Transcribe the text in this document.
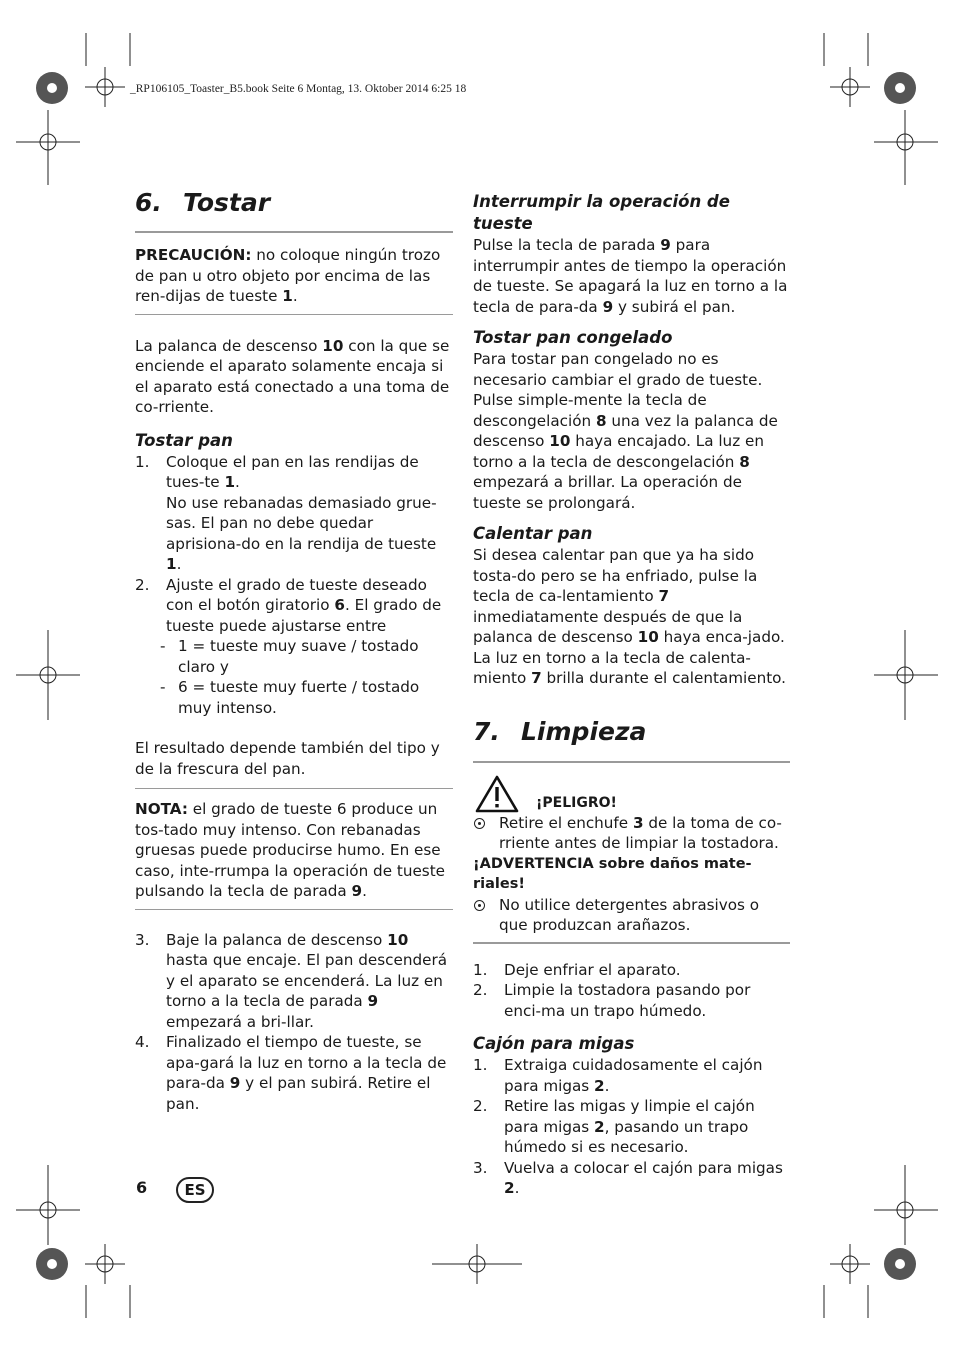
_RP106105_Toaster_B5.book Seite 6 Montag, 13. Oktober 2014 6:25 18
6. Tostar

PRECAUCIÓN: no coloque ningún trozo de pan u otro objeto por encima de las ren-dijas de tueste 1.

La palanca de descenso 10 con la que se enciende el aparato solamente encaja si el aparato está conectado a una toma de co-rriente.

Tostar pan
1. Coloque el pan en las rendijas de tues-te 1.
No use rebanadas demasiado grue-sas. El pan no debe quedar aprisiona-do en la rendija de tueste 1.
2. Ajuste el grado de tueste deseado con el botón giratorio 6. El grado de tueste puede ajustarse entre
- 1 = tueste muy suave / tostado claro y
- 6 = tueste muy fuerte / tostado muy intenso.

El resultado depende también del tipo y de la frescura del pan.

NOTA: el grado de tueste 6 produce un tos-tado muy intenso. Con rebanadas gruesas puede producirse humo. En ese caso, inte-rrumpa la operación de tueste pulsando la tecla de parada 9.

3. Baje la palanca de descenso 10 hasta que encaje. El pan descenderá y el aparato se encenderá. La luz en torno a la tecla de parada 9 empezará a bri-llar.
4. Finalizado el tiempo de tueste, se apa-gará la luz en torno a la tecla de para-da 9 y el pan subirá. Retire el pan.
Interrumpir la operación de tueste

Pulse la tecla de parada 9 para interrumpir antes de tiempo la operación de tueste. Se apagará la luz en torno a la tecla de para-da 9 y subirá el pan.

Tostar pan congelado

Para tostar pan congelado no es necesario cambiar el grado de tueste. Pulse simple-mente la tecla de descongelación 8 una vez la palanca de descenso 10 haya encajado. La luz en torno a la tecla de descongelación 8 empezará a brillar. La operación de tueste se prolongará.

Calentar pan

Si desea calentar pan que ya ha sido tosta-do pero se ha enfriado, pulse la tecla de ca-lentamiento 7 inmediatamente después de que la palanca de descenso 10 haya enca-jado. La luz en torno a la tecla de calenta-miento 7 brilla durante el calentamiento.

7. Limpieza
¡PELIGRO!
Retire el enchufe 3 de la toma de co-rriente antes de limpiar la tostadora.

¡ADVERTENCIA sobre daños mate-riales!

No utilice detergentes abrasivos o que produzcan arañazos.
1. Deje enfriar el aparato.
2. Limpie la tostadora pasando por enci-ma un trapo húmedo.
Cajón para migas
1. Extraiga cuidadosamente el cajón para migas 2.
2. Retire las migas y limpie el cajón para migas 2, pasando un trapo húmedo si es necesario.
3. Vuelva a colocar el cajón para migas 2.
6	ES
